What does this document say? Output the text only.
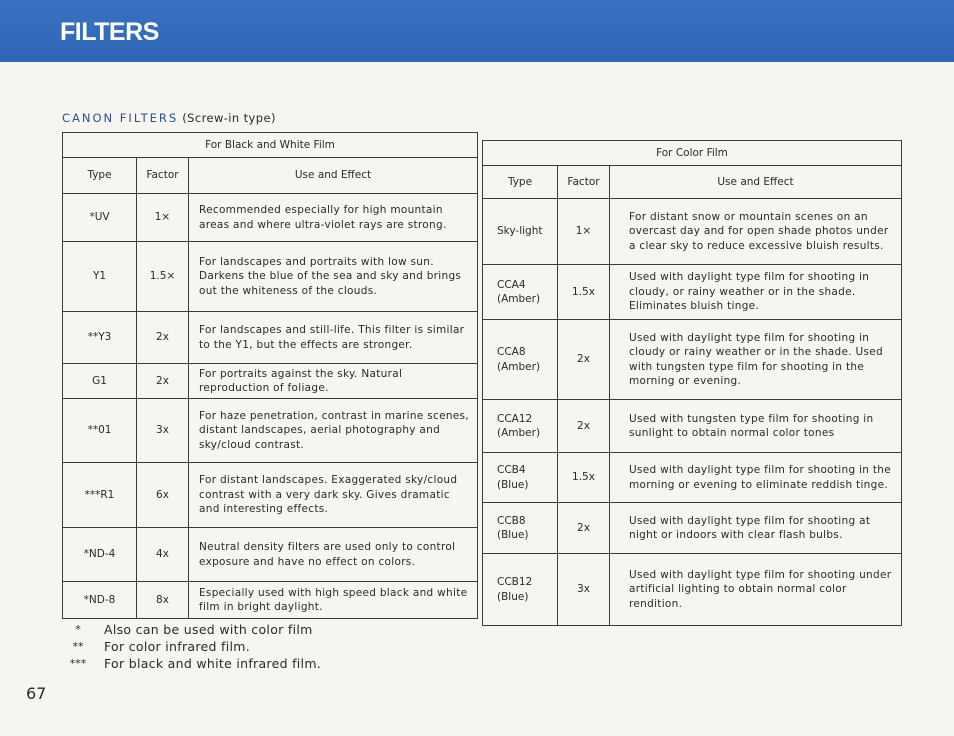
FILTERS
CANON FILTERS (Screw-in type)
For Black and White Film		
Type	Factor	Use and Effect
*UV	1×	Recommended especially for high mountain areas and where ultra-violet rays are strong.
Y1	1.5×	For landscapes and portraits with low sun. Darkens the blue of the sea and sky and brings out the whiteness of the clouds.
**Y3	2x	For landscapes and still-life. This filter is similar to the Y1, but the effects are stronger.
G1	2x	For portraits against the sky. Natural reproduction of foliage.
**01	3x	For haze penetration, contrast in marine scenes, distant landscapes, aerial photography and sky/cloud contrast.
***R1	6x	For distant landscapes. Exaggerated sky/cloud contrast with a very dark sky. Gives dramatic and interesting effects.
*ND-4	4x	Neutral density filters are used only to control exposure and have no effect on colors.
*ND-8	8x	Especially used with high speed black and white film in bright daylight.
For Color Film		
Type	Factor	Use and Effect
Sky-light	1×	For distant snow or mountain scenes on an overcast day and for open shade photos under a clear sky to reduce excessive bluish results.
CCA4 (Amber)	1.5x	Used with daylight type film for shooting in cloudy, or rainy weather or in the shade. Eliminates bluish tinge.
CCA8 (Amber)	2x	Used with daylight type film for shooting in cloudy or rainy weather or in the shade. Used with tungsten type film for shooting in the morning or evening.
CCA12 (Amber)	2x	Used with tungsten type film for shooting in sunlight to obtain normal color tones
CCB4 (Blue)	1.5x	Used with daylight type film for shooting in the morning or evening to eliminate reddish tinge.
CCB8 (Blue)	2x	Used with daylight type film for shooting at night or indoors with clear flash bulbs.
CCB12 (Blue)	3x	Used with daylight type film for shooting under artificial lighting to obtain normal color rendition.
*	Also can be used with color film
**	For color infrared film.
***	For black and white infrared film.
67
